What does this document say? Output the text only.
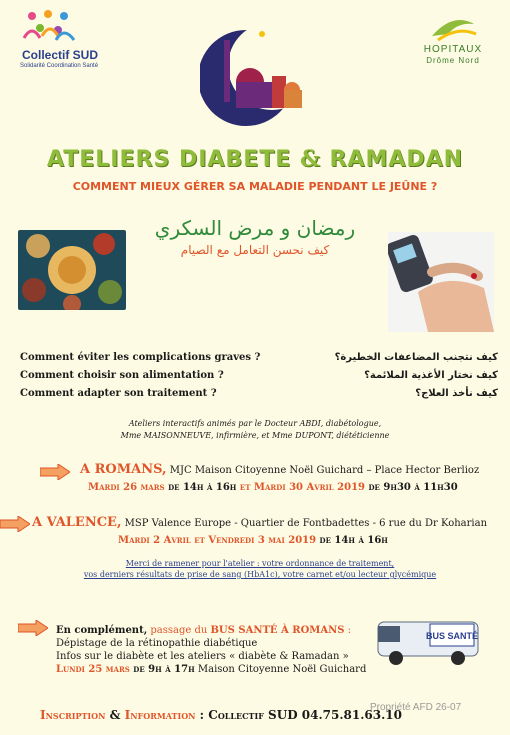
Collectif SUD
Solidarité Coordination Santé
HOPITAUX
Drôme Nord
ATELIERS DIABETE & RAMADAN
COMMENT MIEUX GÉRER SA MALADIE PENDANT LE JEÛNE ?
رمضان و مرض السكري
كيف نحسن التعامل مع الصيام
Comment éviter les complications graves ?	كيف نتجنب المضاعفات الخطيرة؟
Comment choisir son alimentation ?	كيف نختار الأغذية الملائمة؟
Comment adapter son traitement ?	كيف نأخذ العلاج؟
Ateliers interactifs animés par le Docteur ABDI, diabétologue,
Mme MAISONNEUVE, infirmière, et Mme DUPONT, diététicienne
A ROMANS, MJC Maison Citoyenne Noël Guichard – Place Hector Berlioz
Mardi 26 mars de 14h à 16h et Mardi 30 Avril 2019 de 9h30 à 11h30
A VALENCE, MSP Valence Europe - Quartier de Fontbadettes - 6 rue du Dr Koharian
Mardi 2 Avril et Vendredi 3 mai 2019 de 14h à 16h
Merci de ramener pour l'atelier : votre ordonnance de traitement,
vos derniers résultats de prise de sang (HbA1c), votre carnet et/ou lecteur glycémique
En complément, passage du BUS SANTÉ À ROMANS :
Dépistage de la rétinopathie diabétique
Infos sur le diabète et les ateliers « diabète & Ramadan »
Lundi 25 mars de 9h à 17h Maison Citoyenne Noël Guichard
BUS SANTÉ
Inscription & Information : Collectif SUD 04.75.81.63.10
Propriété AFD 26-07
